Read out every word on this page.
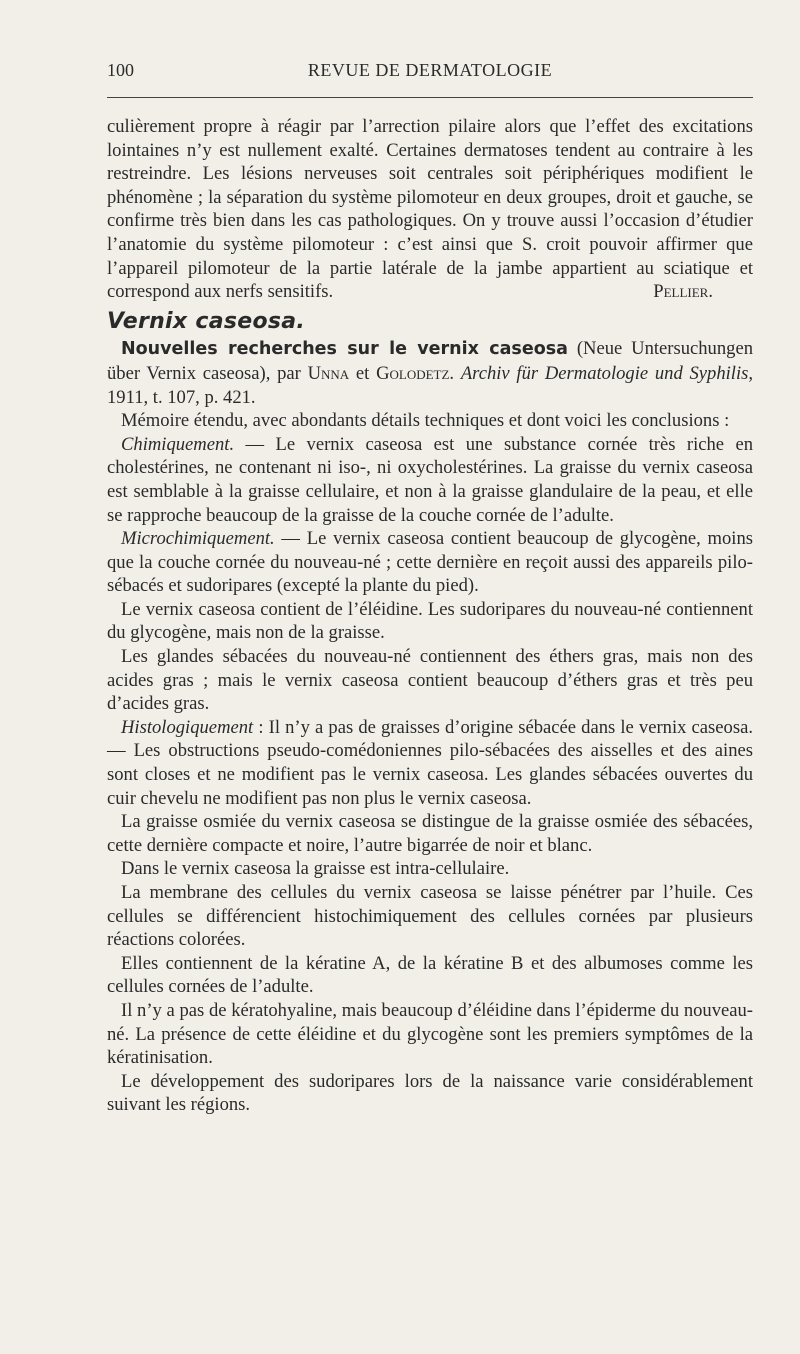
100	REVUE DE DERMATOLOGIE

culièrement propre à réagir par l’arrection pilaire alors que l’effet des excitations lointaines n’y est nullement exalté. Certaines dermatoses tendent au contraire à les restreindre. Les lésions nerveuses soit centrales soit périphériques modifient le phénomène ; la séparation du système pilomoteur en deux groupes, droit et gauche, se confirme très bien dans les cas pathologiques. On y trouve aussi l’occasion d’étudier l’anatomie du système pilomoteur : c’est ainsi que S. croit pouvoir affirmer que l’appareil pilomoteur de la partie latérale de la jambe appartient au sciatique et correspond aux nerfs sensitifs.	Pellier.
Vernix caseosa.

Nouvelles recherches sur le vernix caseosa (Neue Untersuchungen über Vernix caseosa), par Unna et Golodetz. Archiv für Dermatologie und Syphilis, 1911, t. 107, p. 421.

Mémoire étendu, avec abondants détails techniques et dont voici les conclusions :

Chimiquement. — Le vernix caseosa est une substance cornée très riche en cholestérines, ne contenant ni iso-, ni oxycholestérines. La graisse du vernix caseosa est semblable à la graisse cellulaire, et non à la graisse glandulaire de la peau, et elle se rapproche beaucoup de la graisse de la couche cornée de l’adulte.

Microchimiquement. — Le vernix caseosa contient beaucoup de glycogène, moins que la couche cornée du nouveau-né ; cette dernière en reçoit aussi des appareils pilo-sébacés et sudoripares (excepté la plante du pied).

Le vernix caseosa contient de l’éléidine. Les sudoripares du nouveau-né contiennent du glycogène, mais non de la graisse.

Les glandes sébacées du nouveau-né contiennent des éthers gras, mais non des acides gras ; mais le vernix caseosa contient beaucoup d’éthers gras et très peu d’acides gras.

Histologiquement : Il n’y a pas de graisses d’origine sébacée dans le vernix caseosa. — Les obstructions pseudo-comédoniennes pilo-sébacées des aisselles et des aines sont closes et ne modifient pas le vernix caseosa. Les glandes sébacées ouvertes du cuir chevelu ne modifient pas non plus le vernix caseosa.

La graisse osmiée du vernix caseosa se distingue de la graisse osmiée des sébacées, cette dernière compacte et noire, l’autre bigarrée de noir et blanc.

Dans le vernix caseosa la graisse est intra-cellulaire.

La membrane des cellules du vernix caseosa se laisse pénétrer par l’huile. Ces cellules se différencient histochimiquement des cellules cornées par plusieurs réactions colorées.

Elles contiennent de la kératine A, de la kératine B et des albumoses comme les cellules cornées de l’adulte.

Il n’y a pas de kératohyaline, mais beaucoup d’éléidine dans l’épiderme du nouveau-né. La présence de cette éléidine et du glycogène sont les premiers symptômes de la kératinisation.

Le développement des sudoripares lors de la naissance varie considérablement suivant les régions.
